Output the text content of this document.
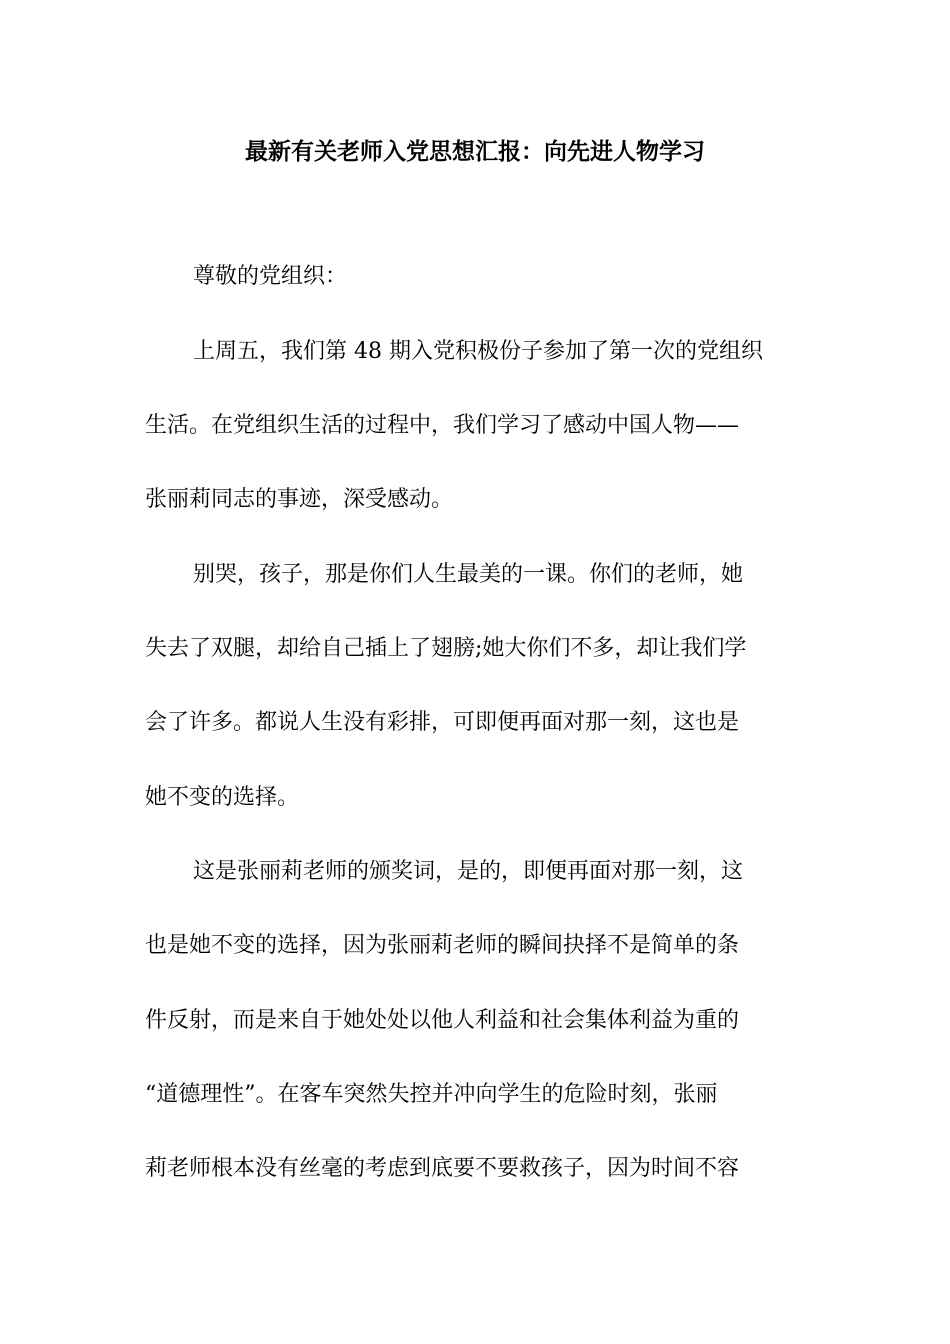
最新有关老师入党思想汇报：向先进人物学习
尊敬的党组织：
上周五，我们第 48 期入党积极份子参加了第一次的党组织
生活。在党组织生活的过程中，我们学习了感动中国人物——
张丽莉同志的事迹，深受感动。
别哭，孩子，那是你们人生最美的一课。你们的老师，她
失去了双腿，却给自己插上了翅膀;她大你们不多，却让我们学
会了许多。都说人生没有彩排，可即便再面对那一刻，这也是
她不变的选择。
这是张丽莉老师的颁奖词，是的，即便再面对那一刻，这
也是她不变的选择，因为张丽莉老师的瞬间抉择不是简单的条
件反射，而是来自于她处处以他人利益和社会集体利益为重的
“道德理性”。在客车突然失控并冲向学生的危险时刻，张丽
莉老师根本没有丝毫的考虑到底要不要救孩子，因为时间不容
